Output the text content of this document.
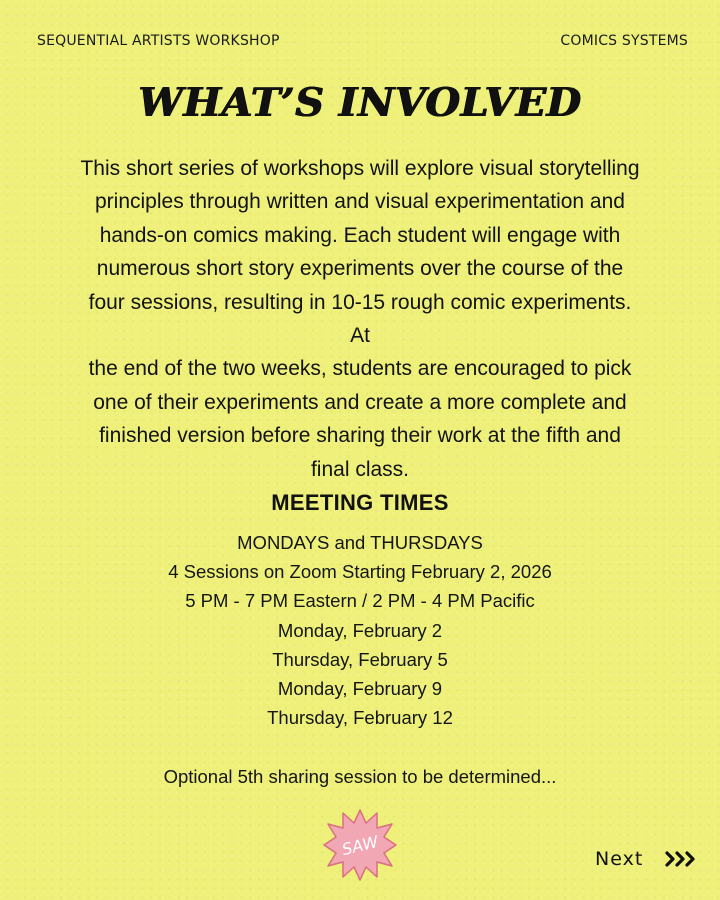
SEQUENTIAL ARTISTS WORKSHOP	COMICS SYSTEMS
WHAT’S INVOLVED
This short series of workshops will explore visual storytelling
principles through written and visual experimentation and
hands-on comics making. Each student will engage with
numerous short story experiments over the course of the
four sessions, resulting in 10-15 rough comic experiments. At
the end of the two weeks, students are encouraged to pick
one of their experiments and create a more complete and
finished version before sharing their work at the fifth and
final class.
MEETING TIMES
MONDAYS and THURSDAYS
4 Sessions on Zoom Starting February 2, 2026
5 PM - 7 PM Eastern / 2 PM - 4 PM Pacific
Monday, February 2
Thursday, February 5
Monday, February 9
Thursday, February 12
Optional 5th sharing session to be determined...
SAW	Next
